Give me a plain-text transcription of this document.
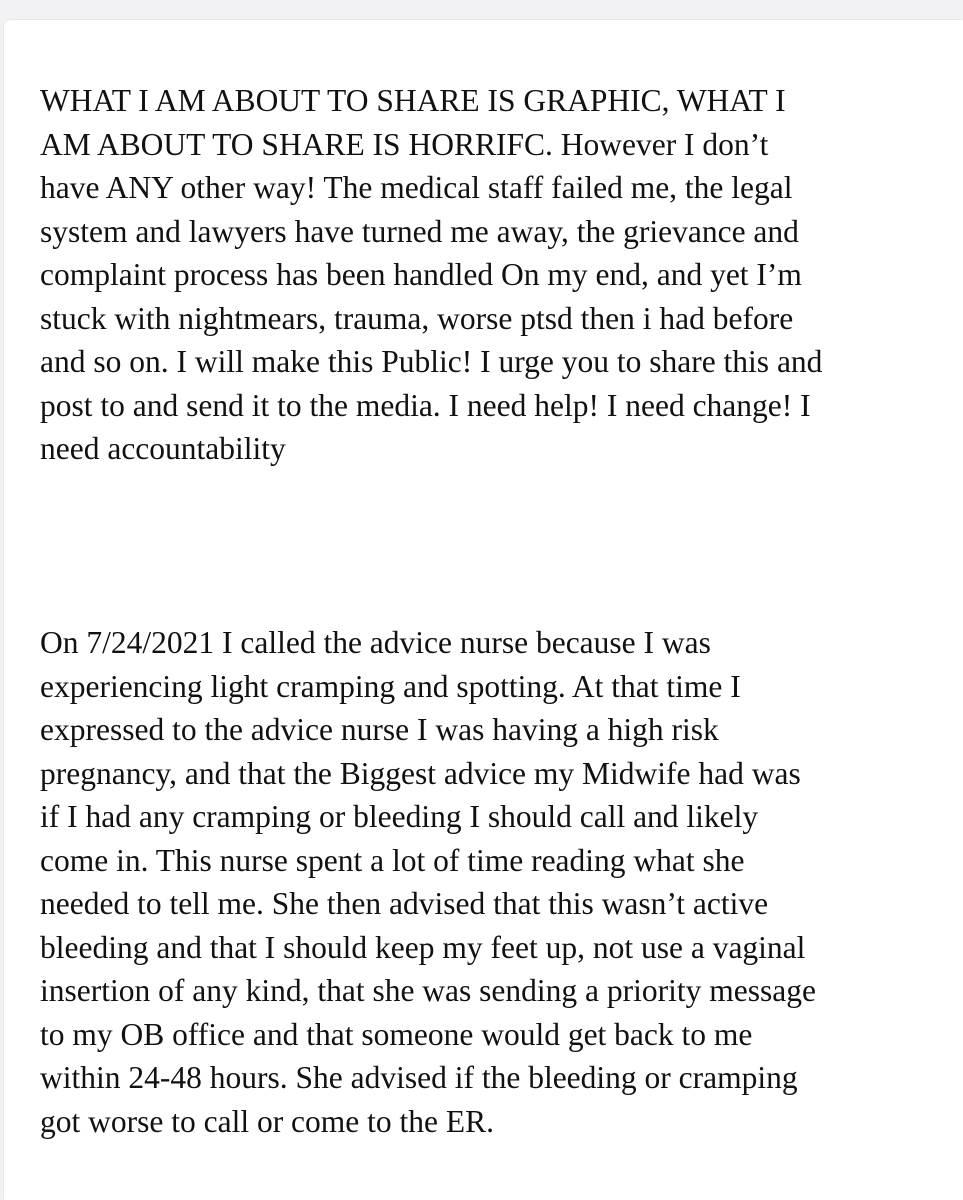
WHAT I AM ABOUT TO SHARE IS GRAPHIC, WHAT I
AM ABOUT TO SHARE IS HORRIFC. However I don’t
have ANY other way! The medical staff failed me, the legal
system and lawyers have turned me away, the grievance and
complaint process has been handled On my end, and yet I’m
stuck with nightmears, trauma, worse ptsd then i had before
and so on. I will make this Public! I urge you to share this and
post to and send it to the media. I need help! I need change! I
need accountability

On 7/24/2021 I called the advice nurse because I was
experiencing light cramping and spotting. At that time I
expressed to the advice nurse I was having a high risk
pregnancy, and that the Biggest advice my Midwife had was
if I had any cramping or bleeding I should call and likely
come in. This nurse spent a lot of time reading what she
needed to tell me. She then advised that this wasn’t active
bleeding and that I should keep my feet up, not use a vaginal
insertion of any kind, that she was sending a priority message
to my OB office and that someone would get back to me
within 24-48 hours. She advised if the bleeding or cramping
got worse to call or come to the ER.
